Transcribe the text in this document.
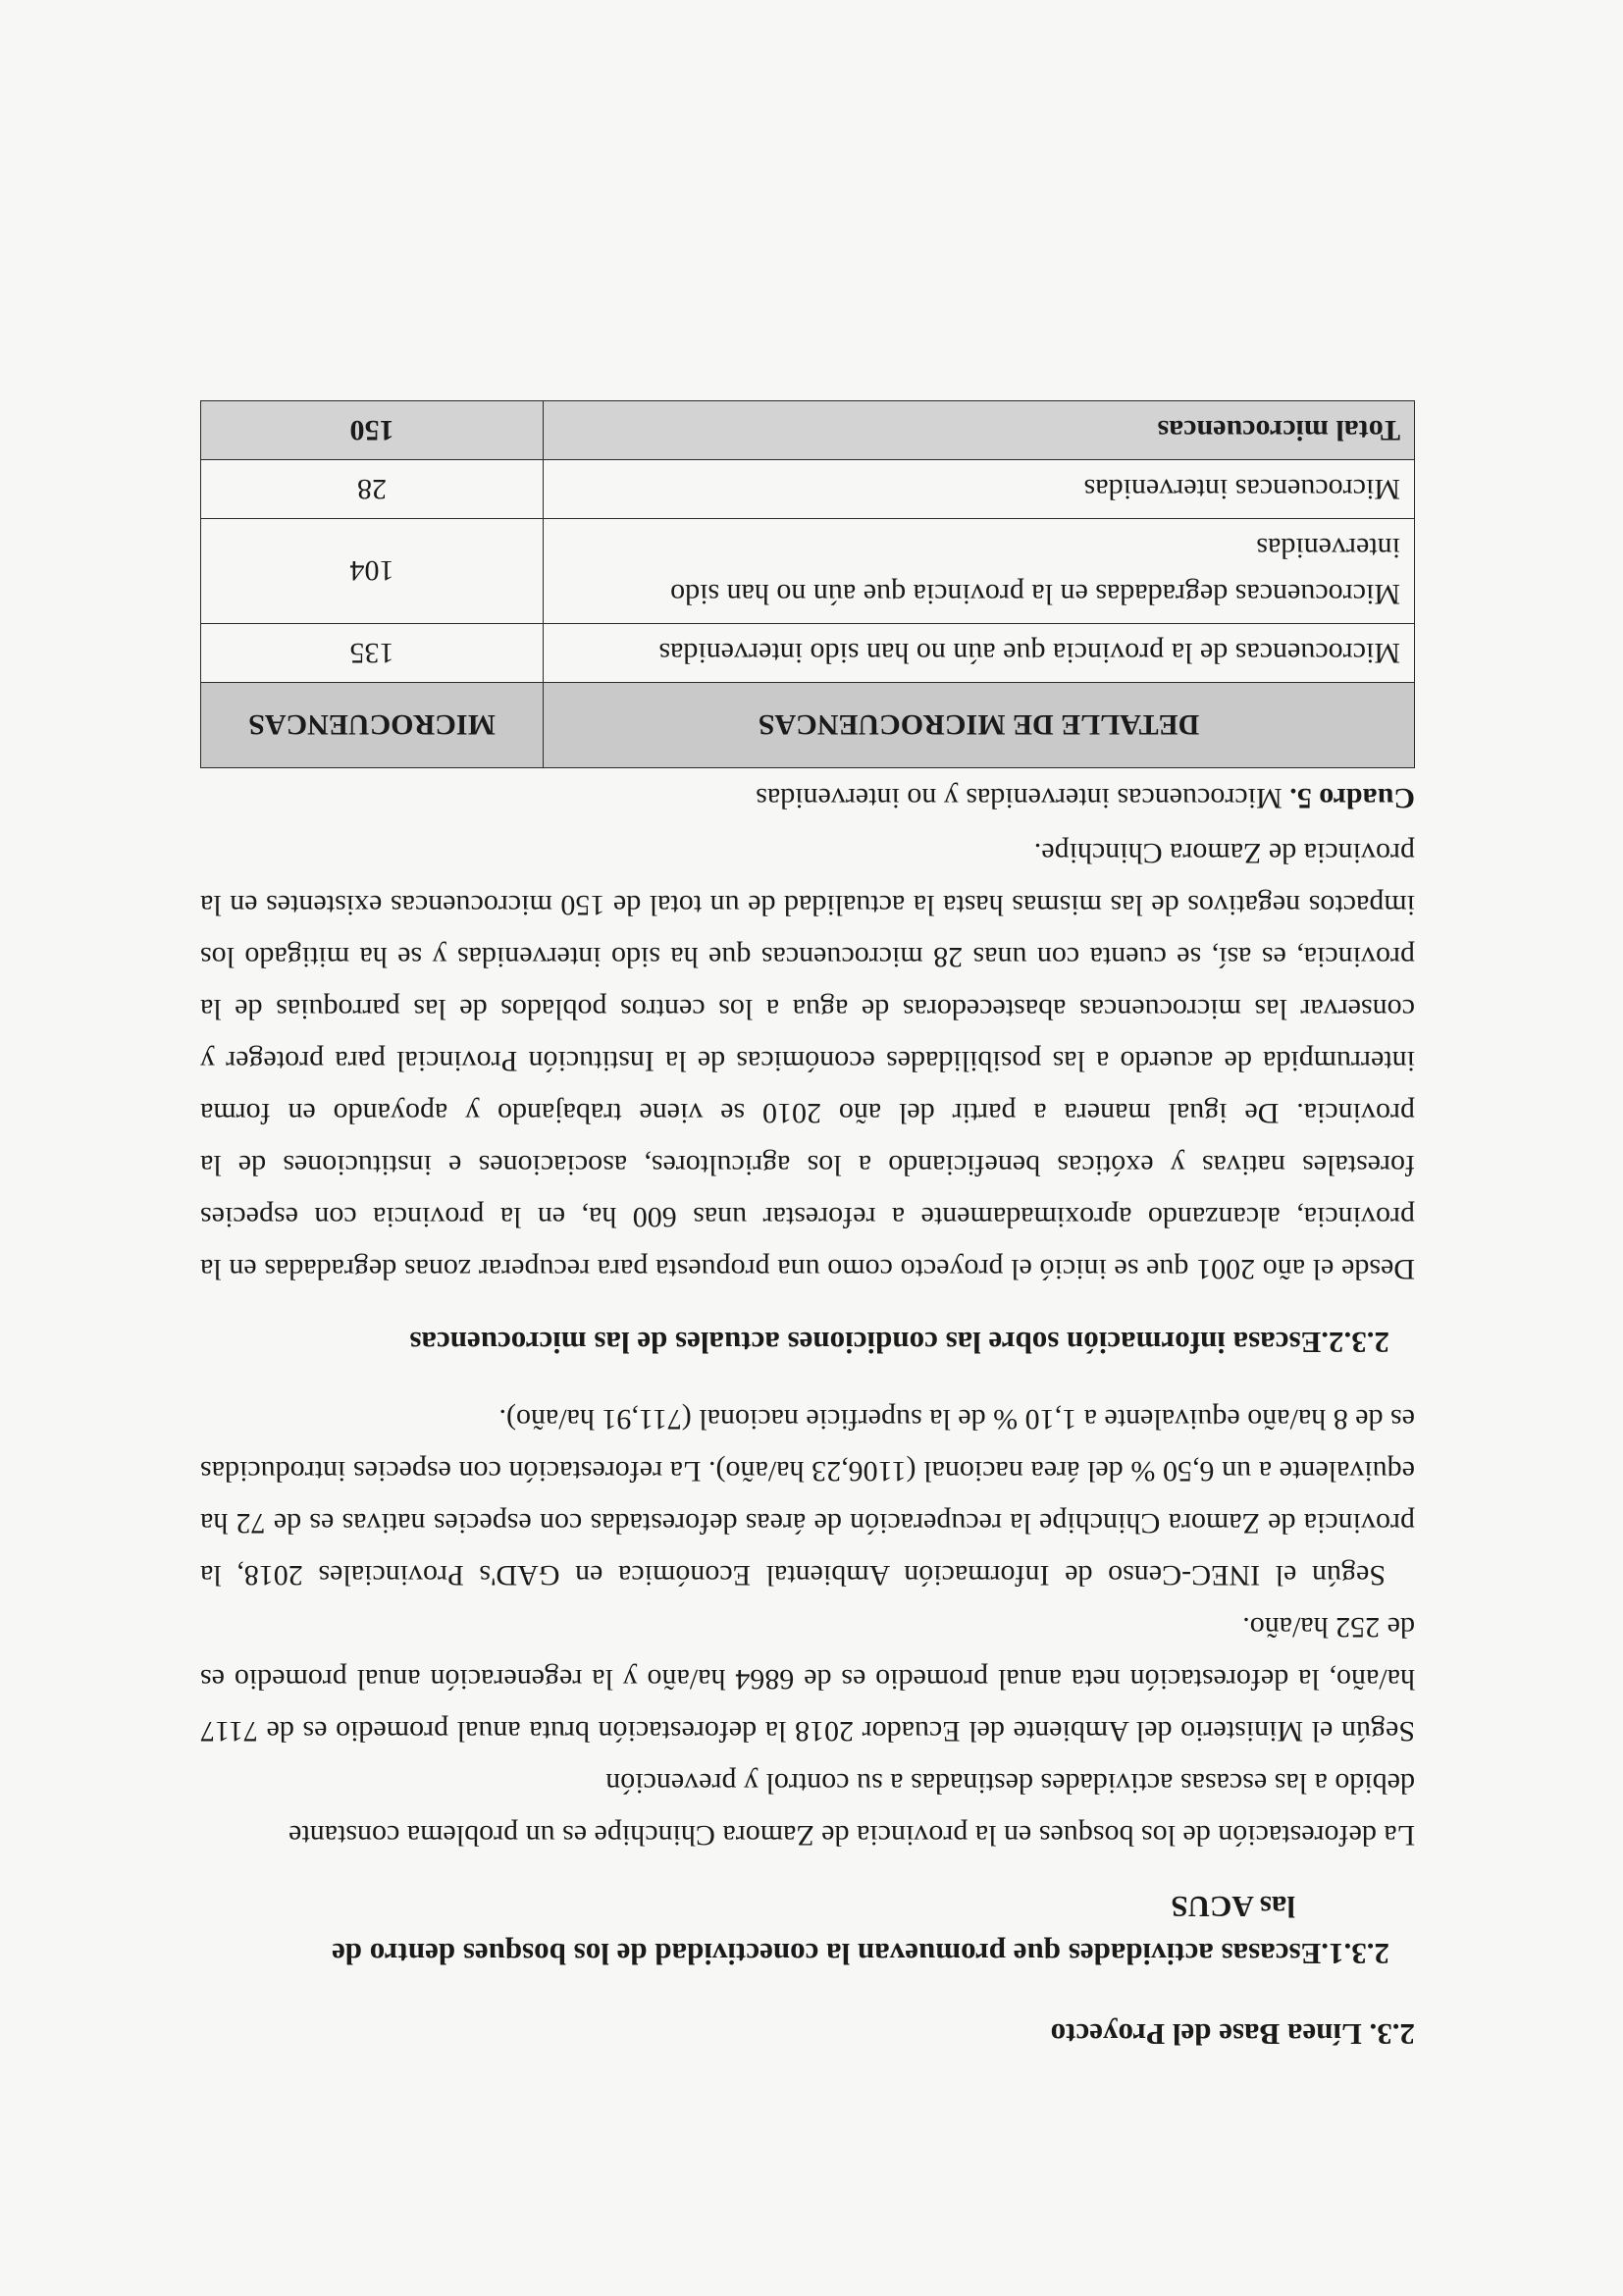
2.3. Línea Base del Proyecto
2.3.1.Escasas actividades que promuevan la conectividad de los bosques dentro de
las ACUS
La deforestación de los bosques en la provincia de Zamora Chinchipe es un problema constante
debido a las escasas actividades destinadas a su control y prevención

Según el Ministerio del Ambiente del Ecuador 2018 la deforestación bruta anual promedio es de 7117 ha/año, la deforestación neta anual promedio es de 6864 ha/año y la regeneración anual promedio es de 252 ha/año.

Según el INEC-Censo de Información Ambiental Económica en GAD's Provinciales 2018, la provincia de Zamora Chinchipe la recuperación de áreas deforestadas con especies nativas es de 72 ha equivalente a un 6,50 % del área nacional (1106,23 ha/año). La reforestación con especies introducidas es de 8 ha/año equivalente a 1,10 % de la superficie nacional (711,91 ha/año).

2.3.2.Escasa información sobre las condiciones actuales de las microcuencas

Desde el año 2001 que se inició el proyecto como una propuesta para recuperar zonas degradadas en la provincia, alcanzando aproximadamente a reforestar unas 600 ha, en la provincia con especies forestales nativas y exóticas beneficiando a los agricultores, asociaciones e instituciones de la provincia. De igual manera a partir del año 2010 se viene trabajando y apoyando en forma interrumpida de acuerdo a las posibilidades económicas de la Institución Provincial para proteger y conservar las microcuencas abastecedoras de agua a los centros poblados de las parroquias de la provincia, es así, se cuenta con unas 28 microcuencas que ha sido intervenidas y se ha mitigado los impactos negativos de las mismas hasta la actualidad de un total de 150 microcuencas existentes en la provincia de Zamora Chinchipe.

Cuadro 5. Microcuencas intervenidas y no intervenidas
DETALLE DE MICROCUENCAS	MICROCUENCAS
Microcuencas de la provincia que aún no han sido intervenidas	135
Microcuencas degradadas en la provincia que aún no han sido intervenidas	104
Microcuencas intervenidas	28
Total microcuencas	150
